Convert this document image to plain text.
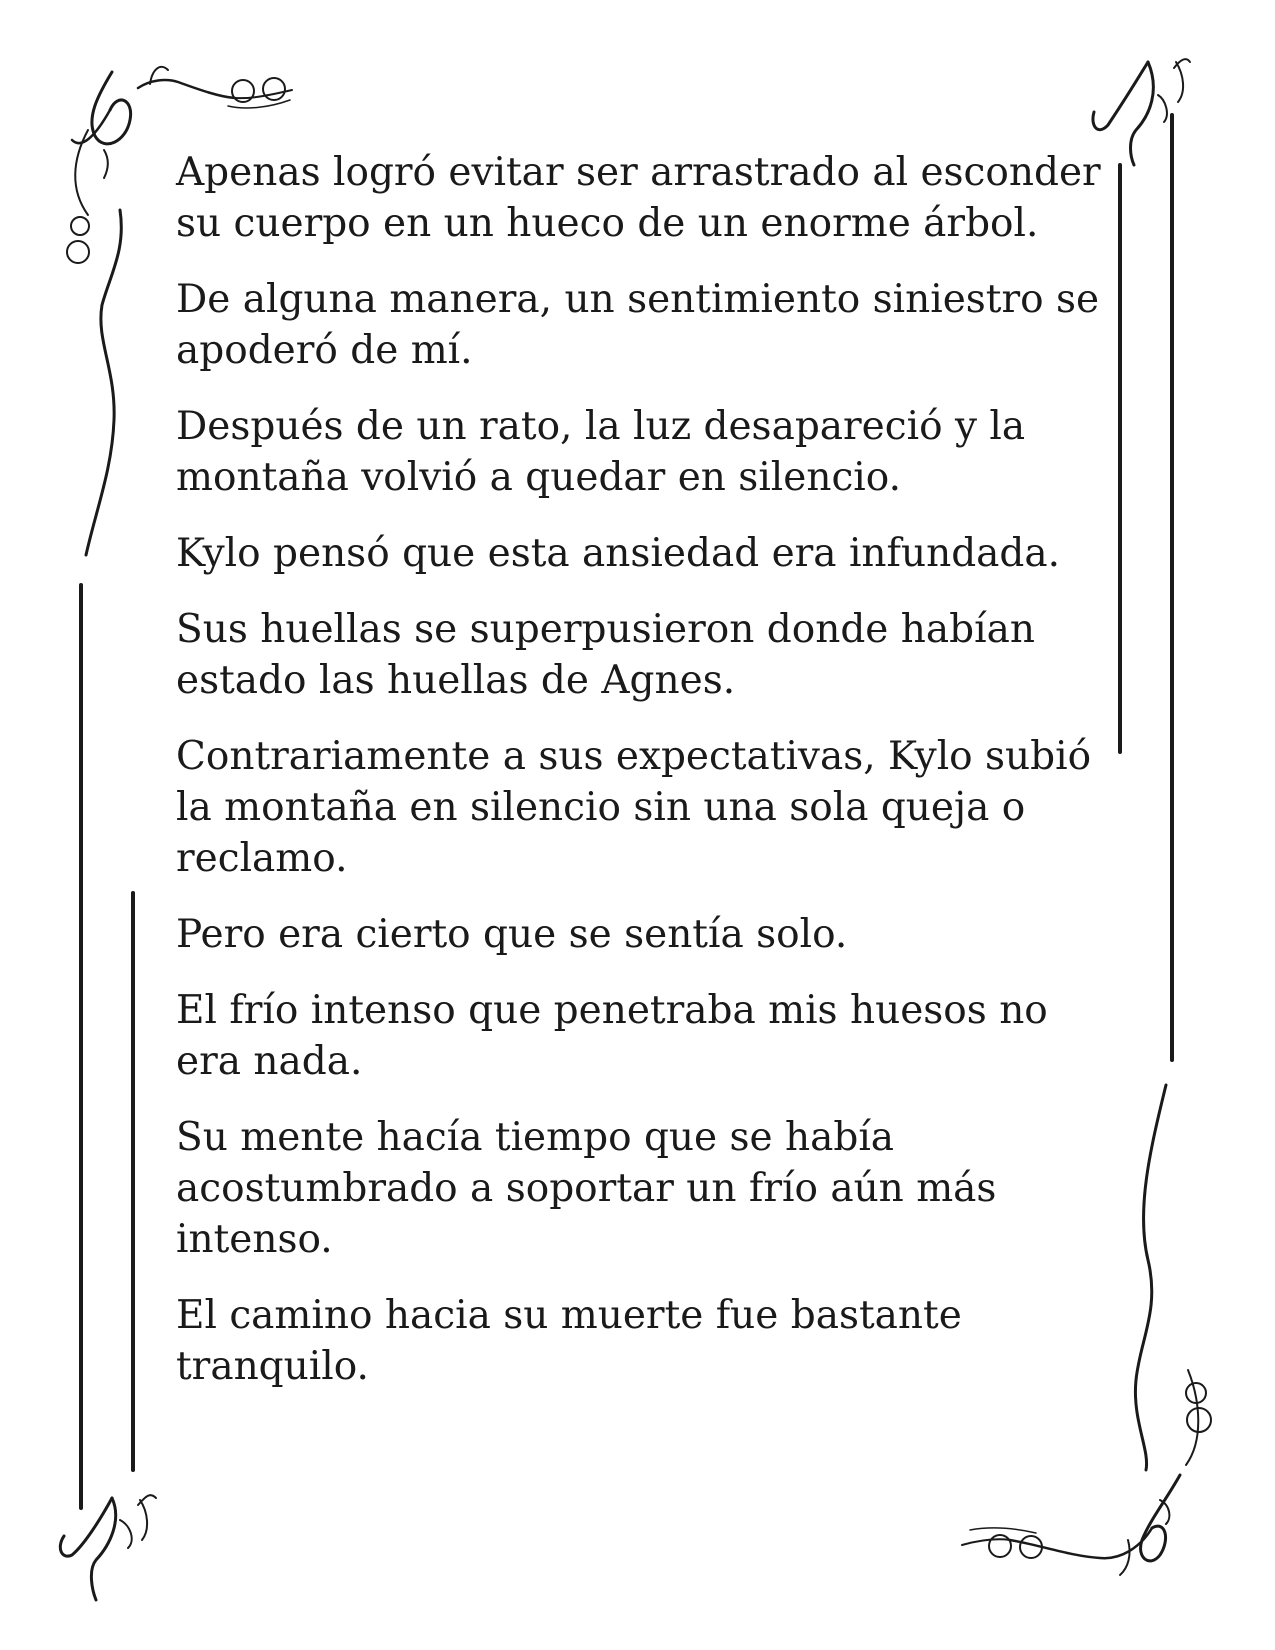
Apenas logró evitar ser arrastrado al esconder su cuerpo en un hueco de un enorme árbol.

De alguna manera, un sentimiento siniestro se apoderó de mí.

Después de un rato, la luz desapareció y la montaña volvió a quedar en silencio.

Kylo pensó que esta ansiedad era infundada.

Sus huellas se superpusieron donde habían estado las huellas de Agnes.

Contrariamente a sus expectativas, Kylo subió la montaña en silencio sin una sola queja o reclamo.

Pero era cierto que se sentía solo.

El frío intenso que penetraba mis huesos no era nada.

Su mente hacía tiempo que se había acostumbrado a soportar un frío aún más intenso.

El camino hacia su muerte fue bastante tranquilo.
